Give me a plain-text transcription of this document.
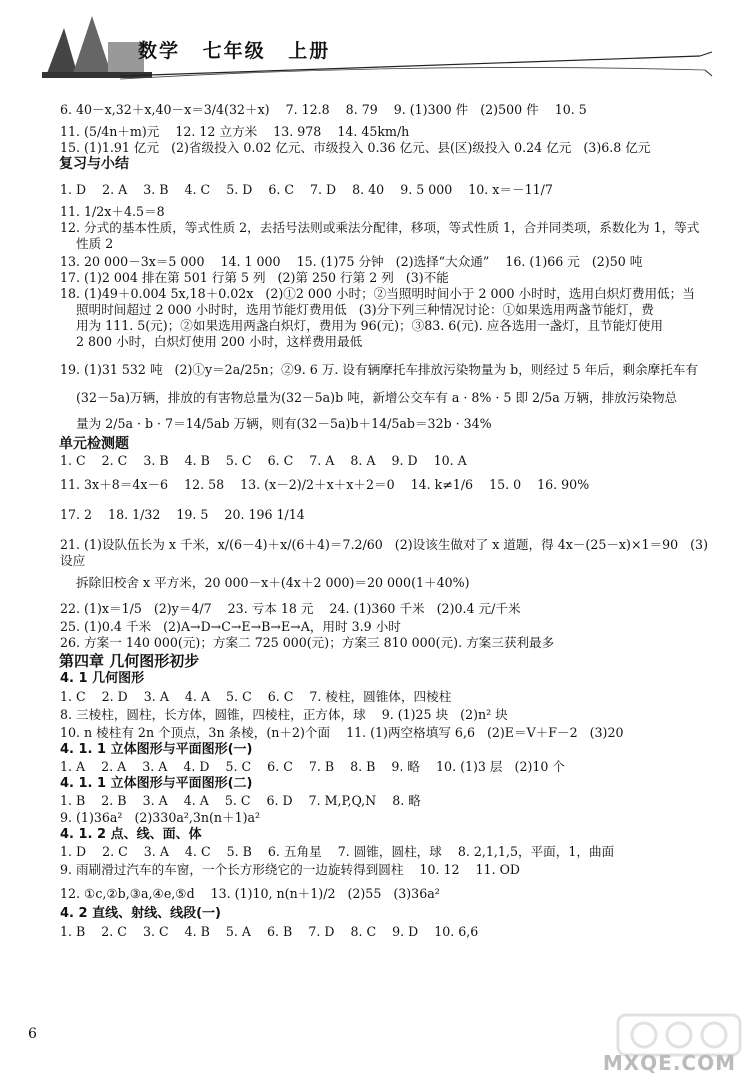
数学 七年级 上册
6. 40－x,32＋x,40－x＝3/4(32＋x)    7. 12.8    8. 79    9. (1)300 件   (2)500 件    10. 5
11. (5/4n＋m)元    12. 12 立方米    13. 978    14. 45km/h
15. (1)1.91 亿元   (2)省级投入 0.02 亿元、市级投入 0.36 亿元、县(区)级投入 0.24 亿元   (3)6.8 亿元
复习与小结
1. D    2. A    3. B    4. C    5. D    6. C    7. D    8. 40    9. 5 000    10. x＝－11/7
11. 1/2x＋4.5＝8
12. 分式的基本性质，等式性质 2，去括号法则或乘法分配律，移项，等式性质 1，合并同类项，系数化为 1，等式
性质 2
13. 20 000－3x＝5 000    14. 1 000    15. (1)75 分钟   (2)选择“大众通”    16. (1)66 元   (2)50 吨
17. (1)2 004 排在第 501 行第 5 列   (2)第 250 行第 2 列   (3)不能
18. (1)49＋0.004 5x,18＋0.02x   (2)①2 000 小时；②当照明时间小于 2 000 小时时，选用白炽灯费用低；当
照明时间超过 2 000 小时时，选用节能灯费用低   (3)分下列三种情况讨论：①如果选用两盏节能灯，费
用为 111. 5(元)；②如果选用两盏白炽灯，费用为 96(元)；③83. 6(元). 应各选用一盏灯，且节能灯使用
2 800 小时，白炽灯使用 200 小时，这样费用最低
19. (1)31 532 吨   (2)①y＝2a/25n；②9. 6 万. 设有辆摩托车排放污染物量为 b，则经过 5 年后，剩余摩托车有
(32－5a)万辆，排放的有害物总量为(32－5a)b 吨，新增公交车有 a · 8% · 5 即 2/5a 万辆，排放污染物总
量为 2/5a · b · 7＝14/5ab 万辆，则有(32－5a)b＋14/5ab＝32b · 34%
单元检测题
1. C    2. C    3. B    4. B    5. C    6. C    7. A    8. A    9. D    10. A
11. 3x＋8＝4x－6    12. 58    13. (x－2)/2＋x＋x＋2＝0    14. k≠1/6    15. 0    16. 90%
17. 2    18. 1/32    19. 5    20. 196 1/14
21. (1)设队伍长为 x 千米，x/(6－4)＋x/(6＋4)＝7.2/60   (2)设该生做对了 x 道题，得 4x－(25－x)×1＝90   (3)设应
拆除旧校舍 x 平方米，20 000－x＋(4x＋2 000)＝20 000(1＋40%)
22. (1)x＝1/5   (2)y＝4/7    23. 亏本 18 元    24. (1)360 千米   (2)0.4 元/千米
25. (1)0.4 千米   (2)A→D→C→E→B→E→A，用时 3.9 小时
26. 方案一 140 000(元)；方案二 725 000(元)；方案三 810 000(元). 方案三获利最多
第四章 几何图形初步
4. 1 几何图形
1. C    2. D    3. A    4. A    5. C    6. C    7. 棱柱，圆锥体，四棱柱
8. 三棱柱，圆柱，长方体，圆锥，四棱柱，正方体，球    9. (1)25 块   (2)n² 块
10. n 棱柱有 2n 个顶点，3n 条棱，(n＋2)个面    11. (1)两空格填写 6,6   (2)E＝V＋F－2   (3)20
4. 1. 1 立体图形与平面图形(一)
1. A    2. A    3. A    4. D    5. C    6. C    7. B    8. B    9. 略    10. (1)3 层   (2)10 个
4. 1. 1 立体图形与平面图形(二)
1. B    2. B    3. A    4. A    5. C    6. D    7. M,P,Q,N    8. 略
9. (1)36a²   (2)330a²,3n(n＋1)a²
4. 1. 2 点、线、面、体
1. D    2. C    3. A    4. C    5. B    6. 五角星    7. 圆锥，圆柱，球    8. 2,1,1,5，平面，1，曲面
9. 雨刷滑过汽车的车窗，一个长方形绕它的一边旋转得到圆柱    10. 12    11. OD
12. ①c,②b,③a,④e,⑤d    13. (1)10, n(n＋1)/2   (2)55   (3)36a²
4. 2 直线、射线、线段(一)
1. B    2. C    3. C    4. B    5. A    6. B    7. D    8. C    9. D    10. 6,6
6
MXQE.COM
